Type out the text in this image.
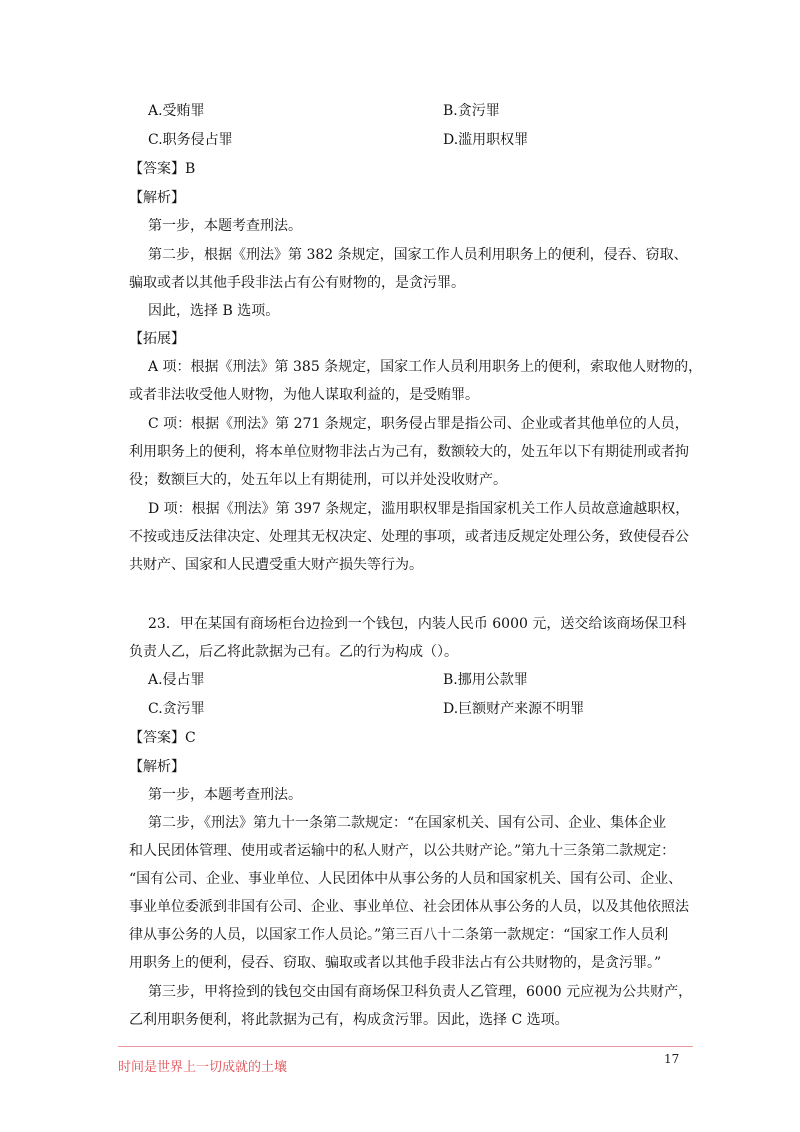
A.受贿罪	B.贪污罪
C.职务侵占罪	D.滥用职权罪
【答案】B
【解析】
第一步，本题考查刑法。
第二步，根据《刑法》第 382 条规定，国家工作人员利用职务上的便利，侵吞、窃取、
骗取或者以其他手段非法占有公有财物的，是贪污罪。
因此，选择 B 选项。
【拓展】
A 项：根据《刑法》第 385 条规定，国家工作人员利用职务上的便利，索取他人财物的，
或者非法收受他人财物，为他人谋取利益的，是受贿罪。
C 项：根据《刑法》第 271 条规定，职务侵占罪是指公司、企业或者其他单位的人员，
利用职务上的便利，将本单位财物非法占为己有，数额较大的，处五年以下有期徒刑或者拘
役；数额巨大的，处五年以上有期徒刑，可以并处没收财产。
D 项：根据《刑法》第 397 条规定，滥用职权罪是指国家机关工作人员故意逾越职权，
不按或违反法律决定、处理其无权决定、处理的事项，或者违反规定处理公务，致使侵吞公
共财产、国家和人民遭受重大财产损失等行为。
23．甲在某国有商场柜台边捡到一个钱包，内装人民币 6000 元，送交给该商场保卫科
负责人乙，后乙将此款据为己有。乙的行为构成（）。
A.侵占罪	B.挪用公款罪
C.贪污罪	D.巨额财产来源不明罪
【答案】C
【解析】
第一步，本题考查刑法。
第二步，《刑法》第九十一条第二款规定：“在国家机关、国有公司、企业、集体企业
和人民团体管理、使用或者运输中的私人财产，以公共财产论。”第九十三条第二款规定：
“国有公司、企业、事业单位、人民团体中从事公务的人员和国家机关、国有公司、企业、
事业单位委派到非国有公司、企业、事业单位、社会团体从事公务的人员，以及其他依照法
律从事公务的人员，以国家工作人员论。”第三百八十二条第一款规定：“国家工作人员利
用职务上的便利，侵吞、窃取、骗取或者以其他手段非法占有公共财物的，是贪污罪。”
第三步，甲将捡到的钱包交由国有商场保卫科负责人乙管理，6000 元应视为公共财产，
乙利用职务便利，将此款据为己有，构成贪污罪。因此，选择 C 选项。
时间是世界上一切成就的土壤
17
